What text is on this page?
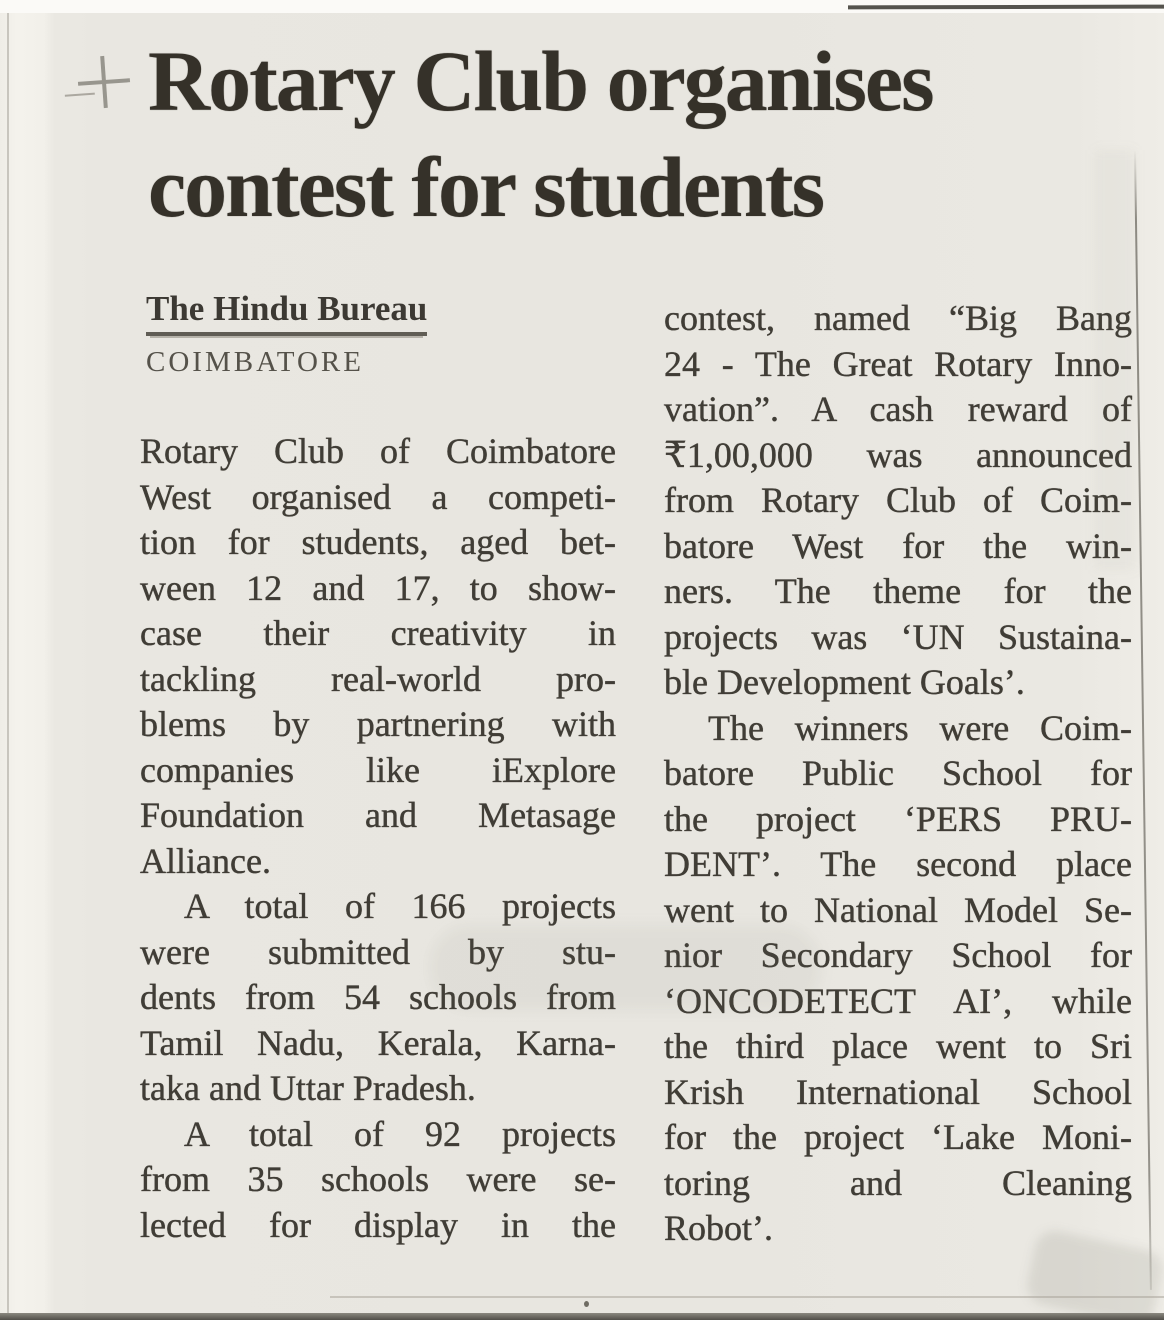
Rotary Club organises
contest for students
The Hindu Bureau
COIMBATORE
Rotary Club of Coimbatore
West organised a competi-
tion for students, aged bet-
ween 12 and 17, to show-
case their creativity in
tackling real-world pro-
blems by partnering with
companies like iExplore
Foundation and Metasage
Alliance.
A total of 166 projects
were submitted by stu-
dents from 54 schools from
Tamil Nadu, Kerala, Karna-
taka and Uttar Pradesh.
A total of 92 projects
from 35 schools were se-
lected for display in the
contest, named “Big Bang
24 - The Great Rotary Inno-
vation”. A cash reward of
₹1,00,000 was announced
from Rotary Club of Coim-
batore West for the win-
ners. The theme for the
projects was ‘UN Sustaina-
ble Development Goals’.
The winners were Coim-
batore Public School for
the project ‘PERS PRU-
DENT’. The second place
went to National Model Se-
nior Secondary School for
‘ONCODETECT AI’, while
the third place went to Sri
Krish International School
for the project ‘Lake Moni-
toring and Cleaning
Robot’.
